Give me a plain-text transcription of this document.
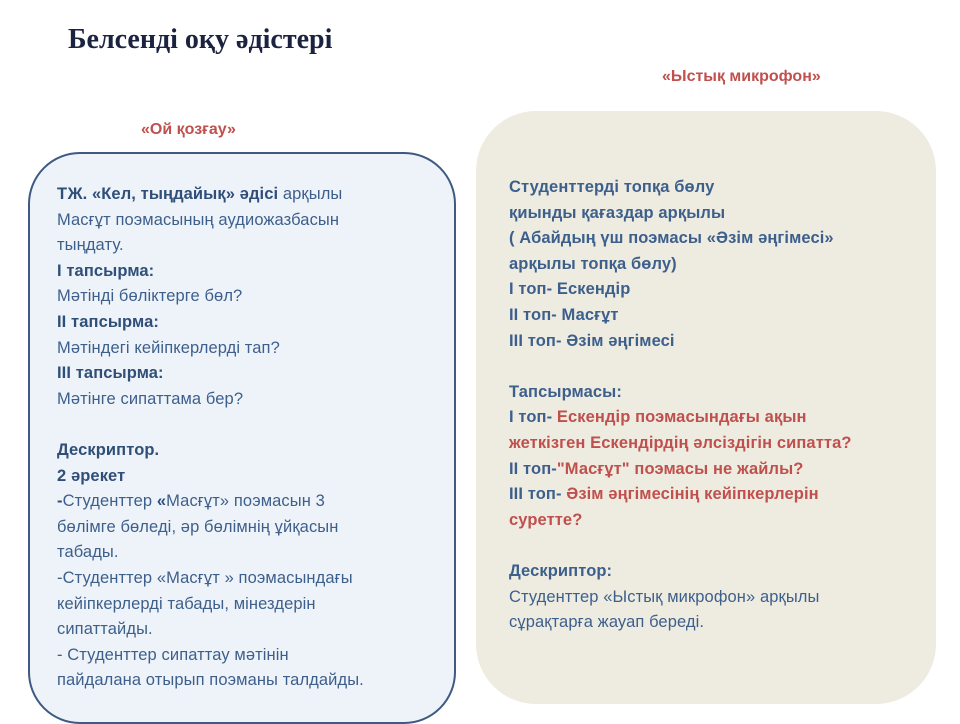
Белсенді оқу әдістері
«Ой қозғау»
«Ыстық микрофон»
ТЖ. «Кел, тыңдайық» әдісі арқылы
Масғұт поэмасының аудиожазбасын
тыңдату.
І тапсырма:
Мәтінді бөліктерге бөл?
ІІ тапсырма:
Мәтіндегі кейіпкерлерді тап?
ІІІ тапсырма:
Мәтінге сипаттама бер?
Дескриптор.
2 әрекет
-Студенттер «Масғұт» поэмасын 3
бөлімге бөледі, әр бөлімнің ұйқасын
табады.
-Студенттер «Масғұт » поэмасындағы
кейіпкерлерді табады, мінездерін
сипаттайды.
- Студенттер сипаттау мәтінін
пайдалана отырып поэманы талдайды.
Студенттерді топқа бөлу
қиынды қағаздар арқылы
( Абайдың үш поэмасы «Әзім әңгімесі»
арқылы топқа бөлу)
І топ- Ескендір
ІІ топ- Масғұт
ІІІ топ- Әзім әңгімесі
Тапсырмасы:
І топ- Ескендір поэмасындағы ақын
жеткізген Ескендірдің әлсіздігін сипатта?
ІІ топ-"Масғұт" поэмасы не жайлы?
ІІІ топ- Әзім әңгімесінің кейіпкерлерін
суретте?
Дескриптор:
Студенттер «Ыстық микрофон» арқылы
сұрақтарға жауап береді.
